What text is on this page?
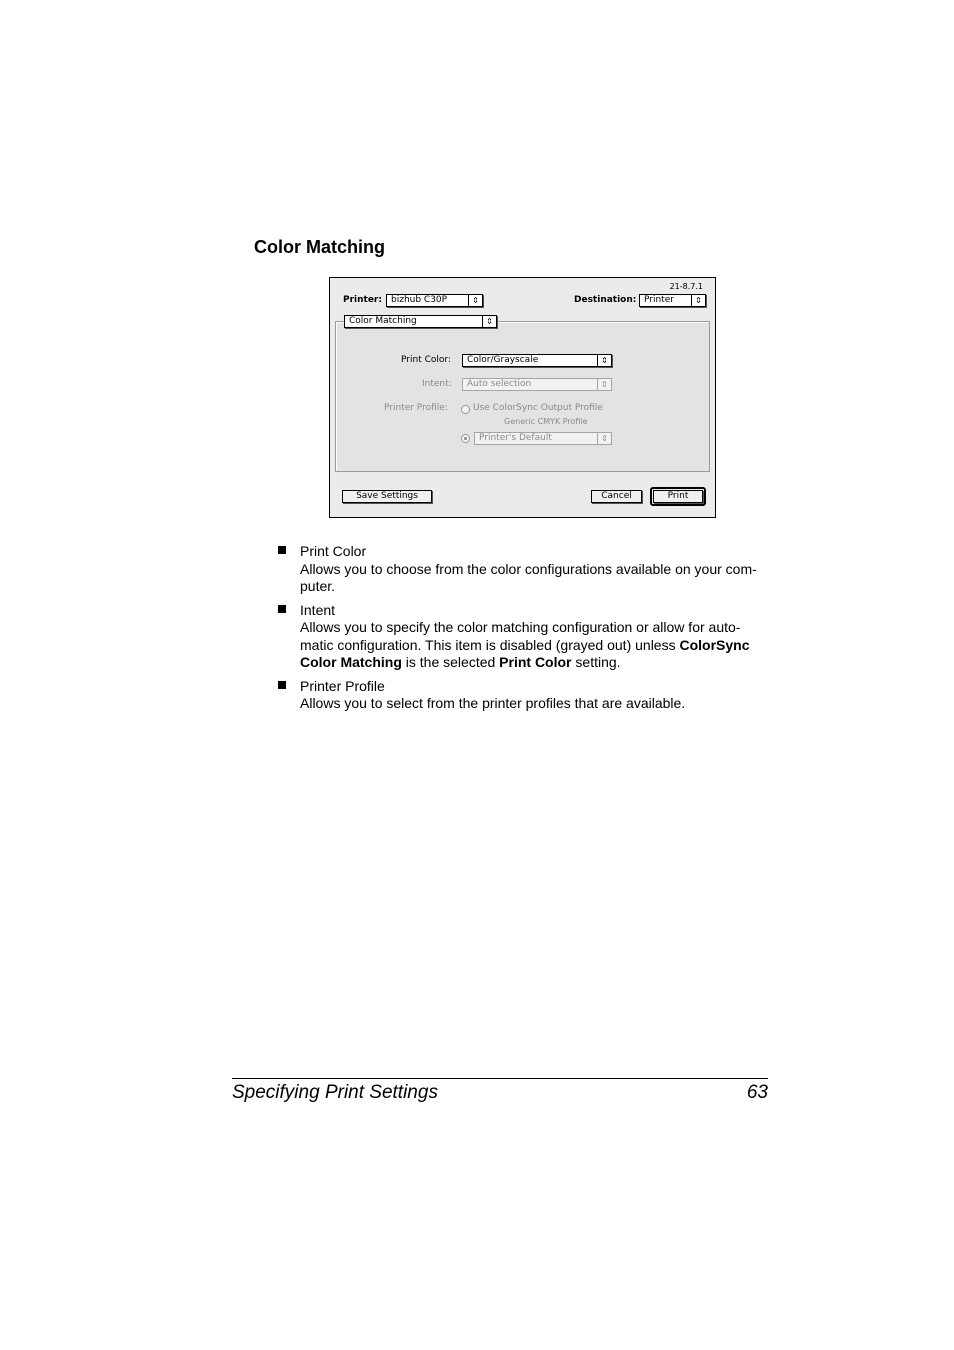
Color Matching
21-8.7.1
Printer:	bizhub C30P	⇕	Destination: Printer	⇕
Color Matching	⇕
Print Color:	Color/Grayscale	⇕
Intent:	Auto selection	⇕
Printer Profile:	Use ColorSync Output Profile
Generic CMYK Profile
Printer's Default	⇕
Save Settings	Cancel	Print
Print Color
Allows you to choose from the color configurations available on your com-
puter.
Intent
Allows you to specify the color matching configuration or allow for auto-
matic configuration. This item is disabled (grayed out) unless ColorSync
Color Matching is the selected Print Color setting.
Printer Profile
Allows you to select from the printer profiles that are available.
Specifying Print Settings	63
